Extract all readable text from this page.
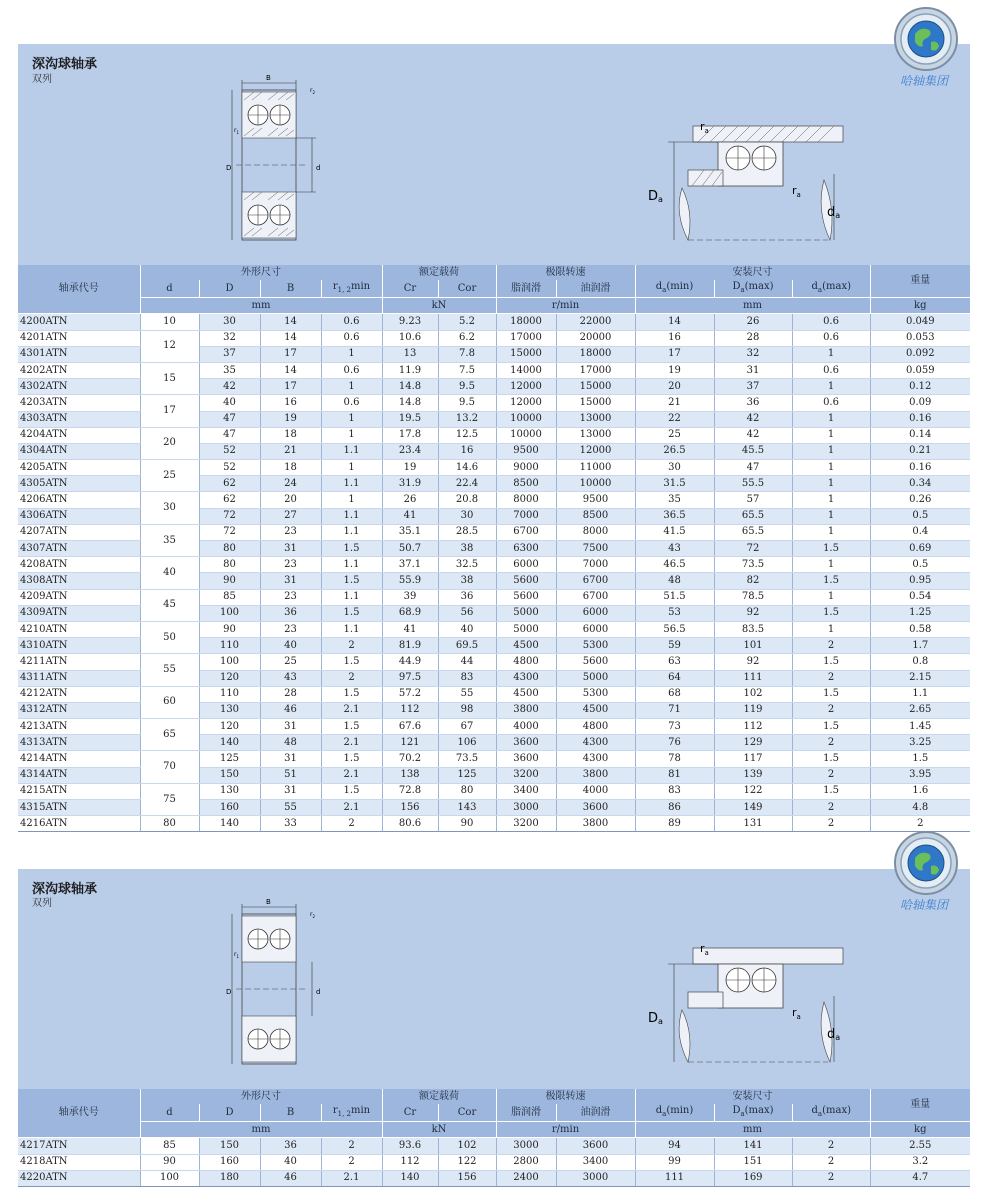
深沟球轴承
双列	哈轴集团
B
D	d
$r_2$
$r_1$	$r_a$
$r_a$
Da
da
轴承代号	外形尺寸				额定载荷		极限转速		安装尺寸			重量
	d	D	B	$r_{1, 2}\min$	Cr	Cor	脂润滑	油润滑	$d_a(\min)$	$D_a(\max)$	$d_a(\max)$	
	mm				kN		r/min		mm			kg
4200ATN	10	30	14	0.6	9.23	5.2	18000	22000	14	26	0.6	0.049
4201ATN	12	32	14	0.6	10.6	6.2	17000	20000	16	28	0.6	0.053
4301ATN		37	17	1	13	7.8	15000	18000	17	32	1	0.092
4202ATN	15	35	14	0.6	11.9	7.5	14000	17000	19	31	0.6	0.059
4302ATN		42	17	1	14.8	9.5	12000	15000	20	37	1	0.12
4203ATN	17	40	16	0.6	14.8	9.5	12000	15000	21	36	0.6	0.09
4303ATN		47	19	1	19.5	13.2	10000	13000	22	42	1	0.16
4204ATN	20	47	18	1	17.8	12.5	10000	13000	25	42	1	0.14
4304ATN		52	21	1.1	23.4	16	9500	12000	26.5	45.5	1	0.21
4205ATN	25	52	18	1	19	14.6	9000	11000	30	47	1	0.16
4305ATN		62	24	1.1	31.9	22.4	8500	10000	31.5	55.5	1	0.34
4206ATN	30	62	20	1	26	20.8	8000	9500	35	57	1	0.26
4306ATN		72	27	1.1	41	30	7000	8500	36.5	65.5	1	0.5
4207ATN	35	72	23	1.1	35.1	28.5	6700	8000	41.5	65.5	1	0.4
4307ATN		80	31	1.5	50.7	38	6300	7500	43	72	1.5	0.69
4208ATN	40	80	23	1.1	37.1	32.5	6000	7000	46.5	73.5	1	0.5
4308ATN		90	31	1.5	55.9	38	5600	6700	48	82	1.5	0.95
4209ATN	45	85	23	1.1	39	36	5600	6700	51.5	78.5	1	0.54
4309ATN		100	36	1.5	68.9	56	5000	6000	53	92	1.5	1.25
4210ATN	50	90	23	1.1	41	40	5000	6000	56.5	83.5	1	0.58
4310ATN		110	40	2	81.9	69.5	4500	5300	59	101	2	1.7
4211ATN	55	100	25	1.5	44.9	44	4800	5600	63	92	1.5	0.8
4311ATN		120	43	2	97.5	83	4300	5000	64	111	2	2.15
4212ATN	60	110	28	1.5	57.2	55	4500	5300	68	102	1.5	1.1
4312ATN		130	46	2.1	112	98	3800	4500	71	119	2	2.65
4213ATN	65	120	31	1.5	67.6	67	4000	4800	73	112	1.5	1.45
4313ATN		140	48	2.1	121	106	3600	4300	76	129	2	3.25
4214ATN	70	125	31	1.5	70.2	73.5	3600	4300	78	117	1.5	1.5
4314ATN		150	51	2.1	138	125	3200	3800	81	139	2	3.95
4215ATN	75	130	31	1.5	72.8	80	3400	4000	83	122	1.5	1.6
4315ATN		160	55	2.1	156	143	3000	3600	86	149	2	4.8
4216ATN	80	140	33	2	80.6	90	3200	3800	89	131	2	2
深沟球轴承
双列	哈轴集团
B
D	d
$r_2$
$r_1$
$r_a$
$r_a$
Da
da
轴承代号	外形尺寸				额定载荷		极限转速		安装尺寸			重量
	d	D	B	$r_{1, 2}\min$	Cr	Cor	脂润滑	油润滑	$d_a(\min)$	$D_a(\max)$	$d_a(\max)$	
	mm				kN		r/min		mm			kg
4217ATN	85	150	36	2	93.6	102	3000	3600	94	141	2	2.55
4218ATN	90	160	40	2	112	122	2800	3400	99	151	2	3.2
4220ATN	100	180	46	2.1	140	156	2400	3000	111	169	2	4.7
